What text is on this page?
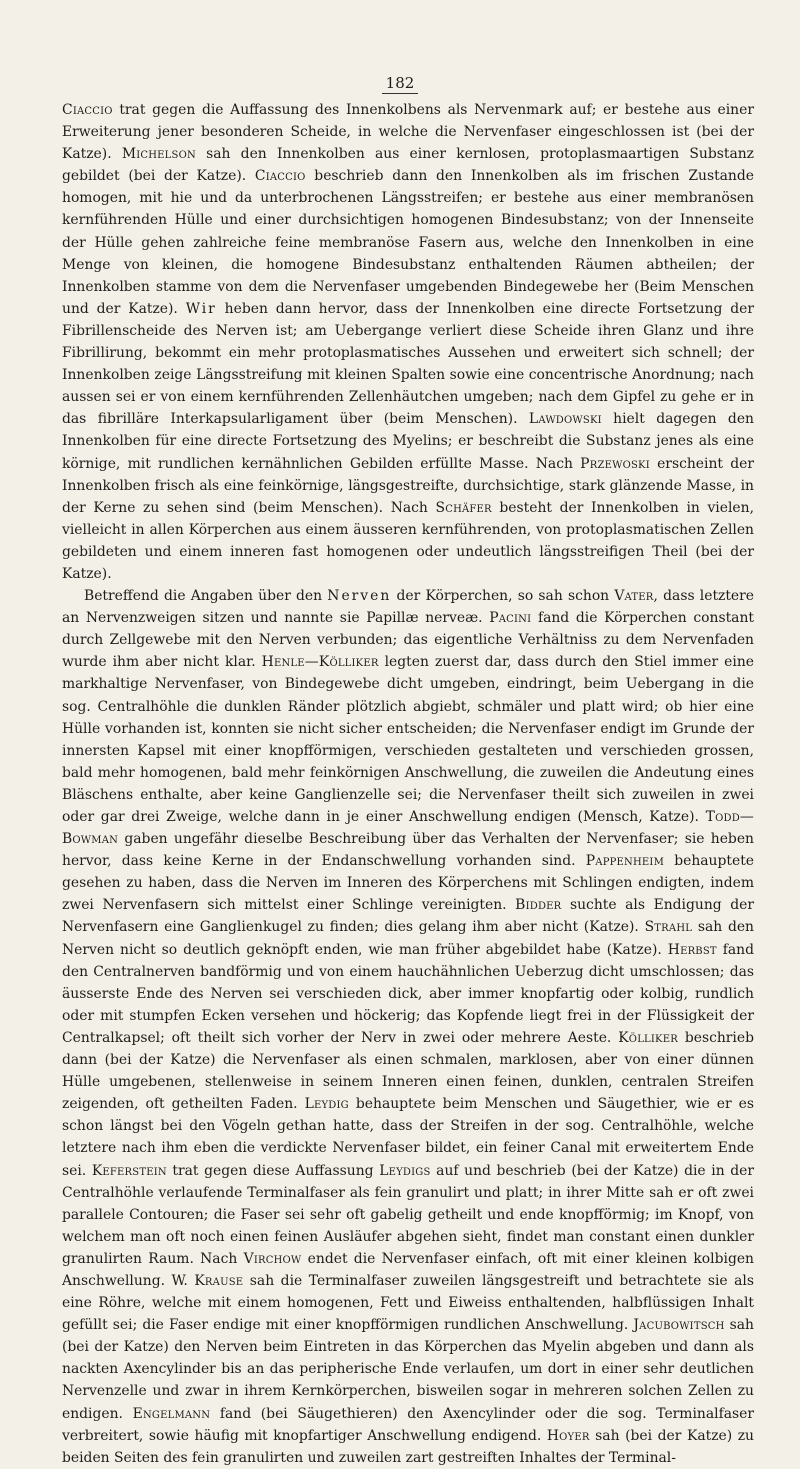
182

Ciaccio trat gegen die Auffassung des Innenkolbens als Nervenmark auf; er bestehe aus einer Erweiterung jener besonderen Scheide, in welche die Nervenfaser eingeschlossen ist (bei der Katze). Michelson sah den Innenkolben aus einer kernlosen, protoplasmaartigen Substanz gebildet (bei der Katze). Ciaccio beschrieb dann den Innenkolben als im frischen Zustande homogen, mit hie und da unterbrochenen Längsstreifen; er bestehe aus einer membranösen kernführenden Hülle und einer durchsichtigen homogenen Bindesubstanz; von der Innenseite der Hülle gehen zahlreiche feine membranöse Fasern aus, welche den Innenkolben in eine Menge von kleinen, die homogene Bindesubstanz enthaltenden Räumen abtheilen; der Innenkolben stamme von dem die Nervenfaser umgebenden Bindegewebe her (Beim Menschen und der Katze). Wir heben dann hervor, dass der Innenkolben eine directe Fortsetzung der Fibrillenscheide des Nerven ist; am Uebergange verliert diese Scheide ihren Glanz und ihre Fibrillirung, bekommt ein mehr protoplasmatisches Aussehen und erweitert sich schnell; der Innenkolben zeige Längsstreifung mit kleinen Spalten sowie eine concentrische Anordnung; nach aussen sei er von einem kernführenden Zellenhäutchen umgeben; nach dem Gipfel zu gehe er in das fibrilläre Interkapsularligament über (beim Menschen). Lawdowski hielt dagegen den Innenkolben für eine directe Fortsetzung des Myelins; er beschreibt die Substanz jenes als eine körnige, mit rundlichen kernähnlichen Gebilden erfüllte Masse. Nach Przewoski erscheint der Innenkolben frisch als eine feinkörnige, längsgestreifte, durchsichtige, stark glänzende Masse, in der Kerne zu sehen sind (beim Menschen). Nach Schäfer besteht der Innenkolben in vielen, vielleicht in allen Körperchen aus einem äusseren kernführenden, von protoplasmatischen Zellen gebildeten und einem inneren fast homogenen oder undeutlich längsstreifigen Theil (bei der Katze).

Betreffend die Angaben über den Nerven der Körperchen, so sah schon Vater, dass letztere an Nervenzweigen sitzen und nannte sie Papillæ nerveæ. Pacini fand die Körperchen constant durch Zellgewebe mit den Nerven verbunden; das eigentliche Verhältniss zu dem Nervenfaden wurde ihm aber nicht klar. Henle—Kölliker legten zuerst dar, dass durch den Stiel immer eine markhaltige Nervenfaser, von Bindegewebe dicht umgeben, eindringt, beim Uebergang in die sog. Centralhöhle die dunklen Ränder plötzlich abgiebt, schmäler und platt wird; ob hier eine Hülle vorhanden ist, konnten sie nicht sicher entscheiden; die Nervenfaser endigt im Grunde der innersten Kapsel mit einer knopfförmigen, verschieden gestalteten und verschieden grossen, bald mehr homogenen, bald mehr feinkörnigen Anschwellung, die zuweilen die Andeutung eines Bläschens enthalte, aber keine Ganglienzelle sei; die Nervenfaser theilt sich zuweilen in zwei oder gar drei Zweige, welche dann in je einer Anschwellung endigen (Mensch, Katze). Todd—Bowman gaben ungefähr dieselbe Beschreibung über das Verhalten der Nervenfaser; sie heben hervor, dass keine Kerne in der Endanschwellung vorhanden sind. Pappenheim behauptete gesehen zu haben, dass die Nerven im Inneren des Körperchens mit Schlingen endigten, indem zwei Nervenfasern sich mittelst einer Schlinge vereinigten. Bidder suchte als Endigung der Nervenfasern eine Ganglienkugel zu finden; dies gelang ihm aber nicht (Katze). Strahl sah den Nerven nicht so deutlich geknöpft enden, wie man früher abgebildet habe (Katze). Herbst fand den Centralnerven bandförmig und von einem hauchähnlichen Ueberzug dicht umschlossen; das äusserste Ende des Nerven sei verschieden dick, aber immer knopfartig oder kolbig, rundlich oder mit stumpfen Ecken versehen und höckerig; das Kopfende liegt frei in der Flüssigkeit der Centralkapsel; oft theilt sich vorher der Nerv in zwei oder mehrere Aeste. Kölliker beschrieb dann (bei der Katze) die Nervenfaser als einen schmalen, marklosen, aber von einer dünnen Hülle umgebenen, stellenweise in seinem Inneren einen feinen, dunklen, centralen Streifen zeigenden, oft getheilten Faden. Leydig behauptete beim Menschen und Säugethier, wie er es schon längst bei den Vögeln gethan hatte, dass der Streifen in der sog. Centralhöhle, welche letztere nach ihm eben die verdickte Nervenfaser bildet, ein feiner Canal mit erweitertem Ende sei. Keferstein trat gegen diese Auffassung Leydigs auf und beschrieb (bei der Katze) die in der Centralhöhle verlaufende Terminalfaser als fein granulirt und platt; in ihrer Mitte sah er oft zwei parallele Contouren; die Faser sei sehr oft gabelig getheilt und ende knopfförmig; im Knopf, von welchem man oft noch einen feinen Ausläufer abgehen sieht, findet man constant einen dunkler granulirten Raum. Nach Virchow endet die Nervenfaser einfach, oft mit einer kleinen kolbigen Anschwellung. W. Krause sah die Terminalfaser zuweilen längsgestreift und betrachtete sie als eine Röhre, welche mit einem homogenen, Fett und Eiweiss enthaltenden, halbflüssigen Inhalt gefüllt sei; die Faser endige mit einer knopfförmigen rundlichen Anschwellung. Jacubowitsch sah (bei der Katze) den Nerven beim Eintreten in das Körperchen das Myelin abgeben und dann als nackten Axencylinder bis an das peripherische Ende verlaufen, um dort in einer sehr deutlichen Nervenzelle und zwar in ihrem Kernkörperchen, bisweilen sogar in mehreren solchen Zellen zu endigen. Engelmann fand (bei Säugethieren) den Axencylinder oder die sog. Terminalfaser verbreitert, sowie häufig mit knopfartiger Anschwellung endigend. Hoyer sah (bei der Katze) zu beiden Seiten des fein granulirten und zuweilen zart gestreiften Inhaltes der Terminal-
